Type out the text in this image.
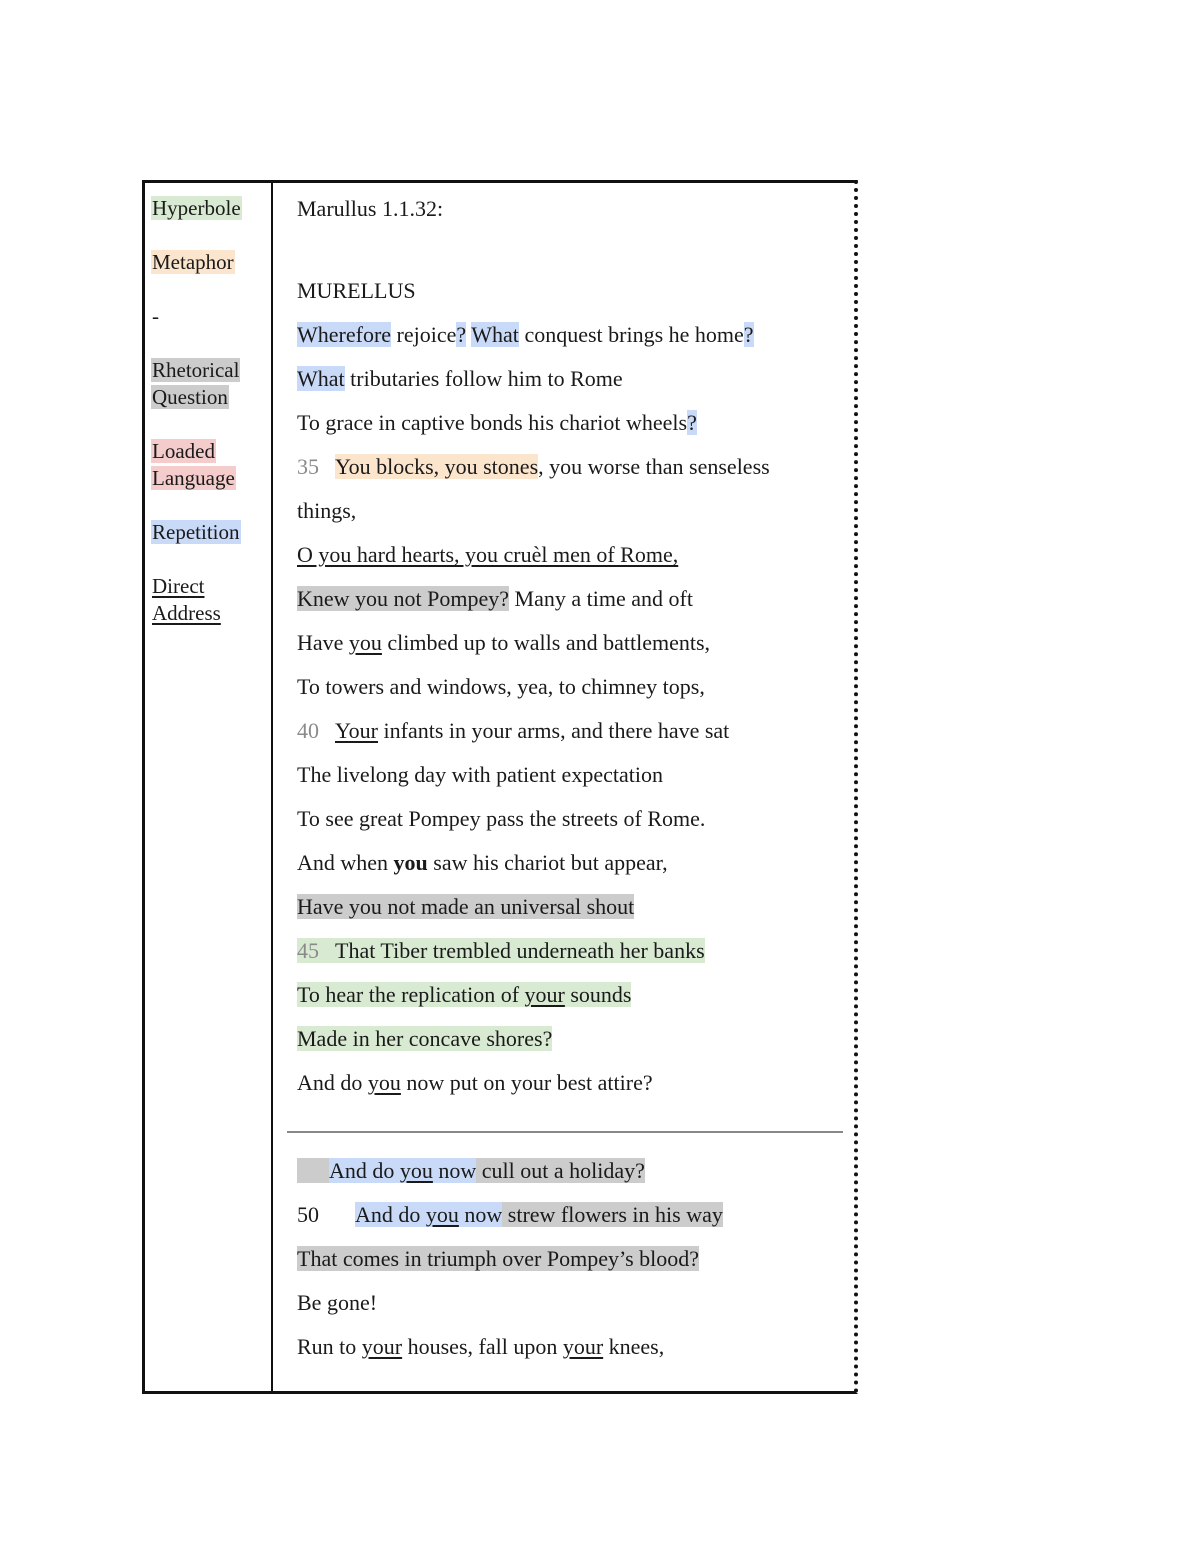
Hyperbole
Metaphor
-
Rhetorical
Question
Loaded
Language
Repetition
Direct
Address
Marullus 1.1.32:
MURELLUS
Wherefore rejoice? What conquest brings he home?
What tributaries follow him to Rome
To grace in captive bonds his chariot wheels?
35 You blocks, you stones, you worse than senseless
things,
O you hard hearts, you cruèl men of Rome,
Knew you not Pompey? Many a time and oft
Have you climbed up to walls and battlements,
To towers and windows, yea, to chimney tops,
40 Your infants in your arms, and there have sat
The livelong day with patient expectation
To see great Pompey pass the streets of Rome.
And when you saw his chariot but appear,
Have you not made an universal shout
45 That Tiber trembled underneath her banks
To hear the replication of your sounds
Made in her concave shores?
And do you now put on your best attire?
And do you now cull out a holiday?
50 And do you now strew flowers in his way
That comes in triumph over Pompey’s blood?
Be gone!
Run to your houses, fall upon your knees,
